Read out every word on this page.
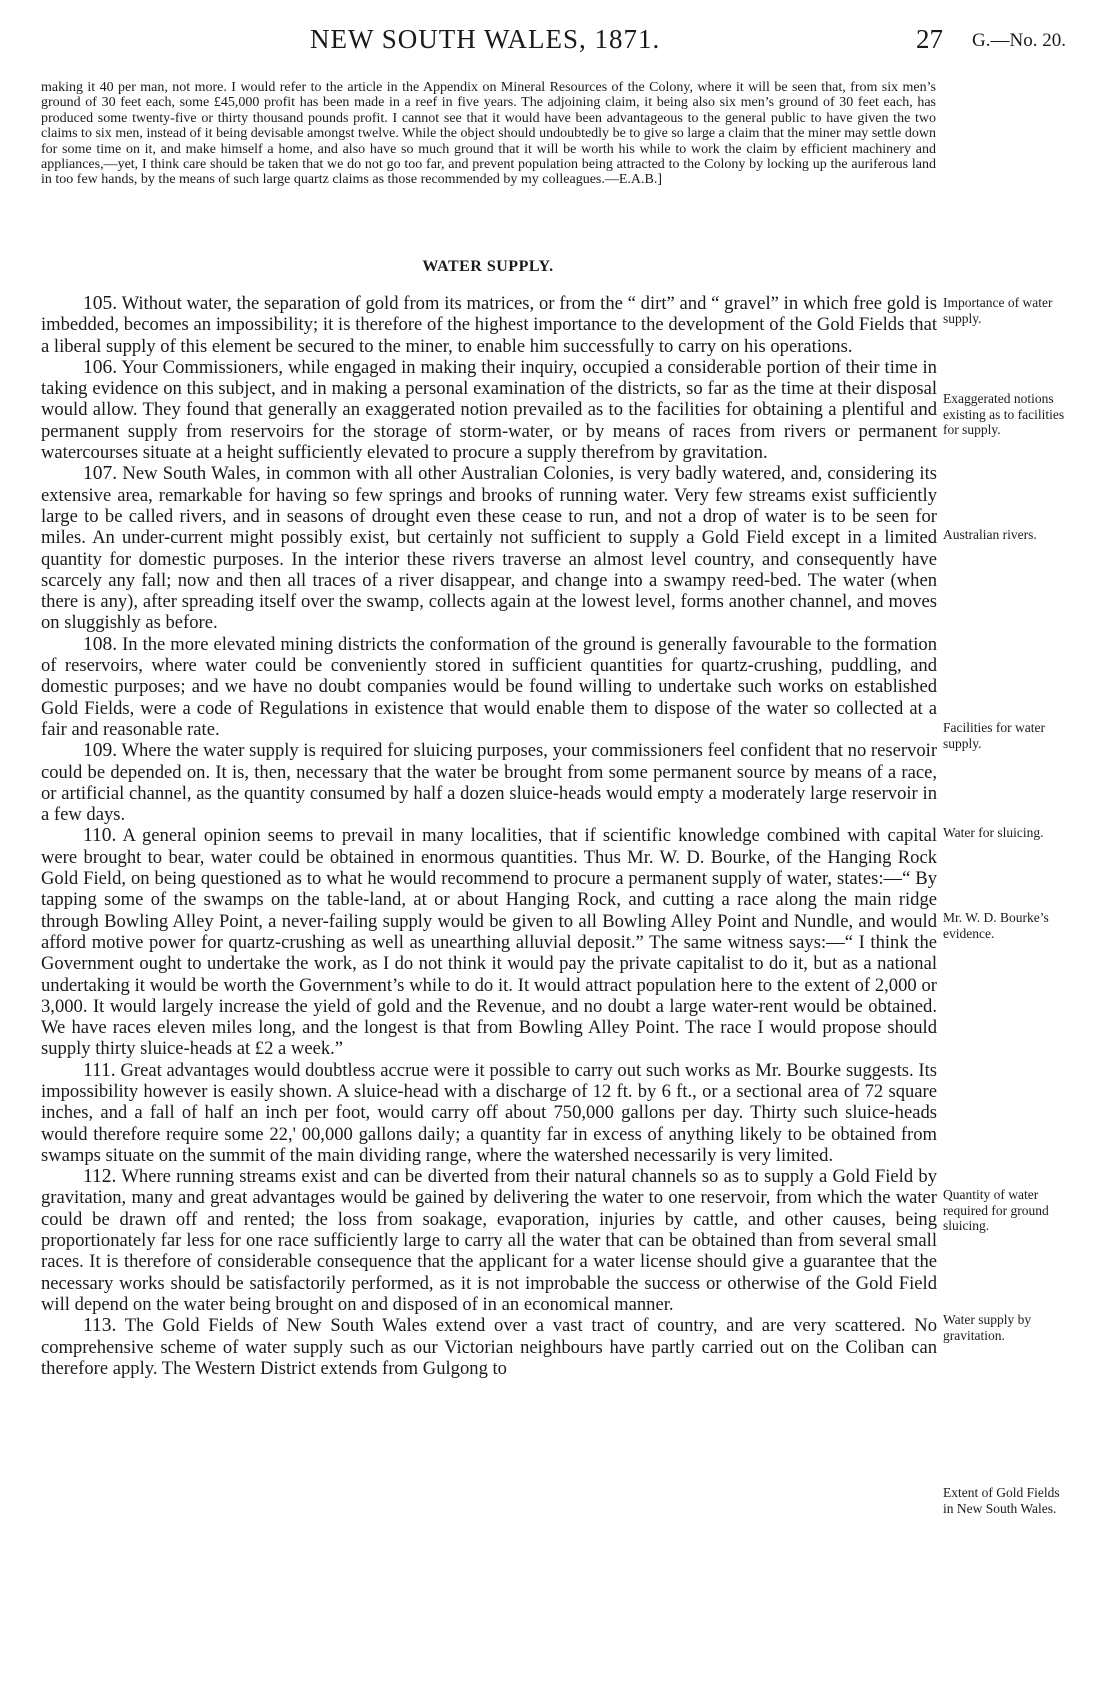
NEW SOUTH WALES, 1871.	27 G.—No. 20.

making it 40 per man, not more. I would refer to the article in the Appendix on Mineral Resources of the Colony, where it will be seen that, from six men’s ground of 30 feet each, some £45,000 profit has been made in a reef in five years. The adjoining claim, it being also six men’s ground of 30 feet each, has produced some twenty-five or thirty thousand pounds profit. I cannot see that it would have been advantageous to the general public to have given the two claims to six men, instead of it being devisable amongst twelve. While the object should undoubtedly be to give so large a claim that the miner may settle down for some time on it, and make himself a home, and also have so much ground that it will be worth his while to work the claim by efficient machinery and appliances,—yet, I think care should be taken that we do not go too far, and prevent population being attracted to the Colony by locking up the auriferous land in too few hands, by the means of such large quartz claims as those recommended by my colleagues.—E.A.B.]

WATER SUPPLY.

105. Without water, the separation of gold from its matrices, or from the “ dirt” and “ gravel” in which free gold is imbedded, becomes an impossibility; it is therefore of the highest importance to the development of the Gold Fields that a liberal supply of this element be secured to the miner, to enable him successfully to carry on his operations.

106. Your Commissioners, while engaged in making their inquiry, occupied a considerable portion of their time in taking evidence on this subject, and in making a personal examination of the districts, so far as the time at their disposal would allow. They found that generally an exaggerated notion prevailed as to the facilities for obtaining a plentiful and permanent supply from reservoirs for the storage of storm-water, or by means of races from rivers or permanent watercourses situate at a height sufficiently elevated to procure a supply therefrom by gravitation.

107. New South Wales, in common with all other Australian Colonies, is very badly watered, and, considering its extensive area, remarkable for having so few springs and brooks of running water. Very few streams exist sufficiently large to be called rivers, and in seasons of drought even these cease to run, and not a drop of water is to be seen for miles. An under-current might possibly exist, but certainly not sufficient to supply a Gold Field except in a limited quantity for domestic purposes. In the interior these rivers traverse an almost level country, and consequently have scarcely any fall; now and then all traces of a river disappear, and change into a swampy reed-bed. The water (when there is any), after spreading itself over the swamp, collects again at the lowest level, forms another channel, and moves on sluggishly as before.

108. In the more elevated mining districts the conformation of the ground is generally favourable to the formation of reservoirs, where water could be conveniently stored in sufficient quantities for quartz-crushing, puddling, and domestic purposes; and we have no doubt companies would be found willing to undertake such works on established Gold Fields, were a code of Regulations in existence that would enable them to dispose of the water so collected at a fair and reasonable rate.

109. Where the water supply is required for sluicing purposes, your commissioners feel confident that no reservoir could be depended on. It is, then, necessary that the water be brought from some permanent source by means of a race, or artificial channel, as the quantity consumed by half a dozen sluice-heads would empty a moderately large reservoir in a few days.

110. A general opinion seems to prevail in many localities, that if scientific knowledge combined with capital were brought to bear, water could be obtained in enormous quantities. Thus Mr. W. D. Bourke, of the Hanging Rock Gold Field, on being questioned as to what he would recommend to procure a permanent supply of water, states:—“ By tapping some of the swamps on the table-land, at or about Hanging Rock, and cutting a race along the main ridge through Bowling Alley Point, a never-failing supply would be given to all Bowling Alley Point and Nundle, and would afford motive power for quartz-crushing as well as unearthing alluvial deposit.” The same witness says:—“ I think the Government ought to undertake the work, as I do not think it would pay the private capitalist to do it, but as a national undertaking it would be worth the Government’s while to do it. It would attract population here to the extent of 2,000 or 3,000. It would largely increase the yield of gold and the Revenue, and no doubt a large water-rent would be obtained. We have races eleven miles long, and the longest is that from Bowling Alley Point. The race I would propose should supply thirty sluice-heads at £2 a week.”

111. Great advantages would doubtless accrue were it possible to carry out such works as Mr. Bourke suggests. Its impossibility however is easily shown. A sluice-head with a discharge of 12 ft. by 6 ft., or a sectional area of 72 square inches, and a fall of half an inch per foot, would carry off about 750,000 gallons per day. Thirty such sluice-heads would therefore require some 22,' 00,000 gallons daily; a quantity far in excess of anything likely to be obtained from swamps situate on the summit of the main dividing range, where the watershed necessarily is very limited.

112. Where running streams exist and can be diverted from their natural channels so as to supply a Gold Field by gravitation, many and great advantages would be gained by delivering the water to one reservoir, from which the water could be drawn off and rented; the loss from soakage, evaporation, injuries by cattle, and other causes, being proportionately far less for one race sufficiently large to carry all the water that can be obtained than from several small races. It is therefore of considerable consequence that the applicant for a water license should give a guarantee that the necessary works should be satisfactorily performed, as it is not improbable the success or otherwise of the Gold Field will depend on the water being brought on and disposed of in an economical manner.

113. The Gold Fields of New South Wales extend over a vast tract of country, and are very scattered. No comprehensive scheme of water supply such as our Victorian neighbours have partly carried out on the Coliban can therefore apply. The Western District extends from Gulgong to

Importance of water supply.

Exaggerated notions existing as to facilities for supply.

Australian rivers.

Facilities for water supply.

Water for sluicing.

Mr. W. D. Bourke’s evidence.

Quantity of water required for ground sluicing.

Water supply by gravitation.

Extent of Gold Fields in New South Wales.
